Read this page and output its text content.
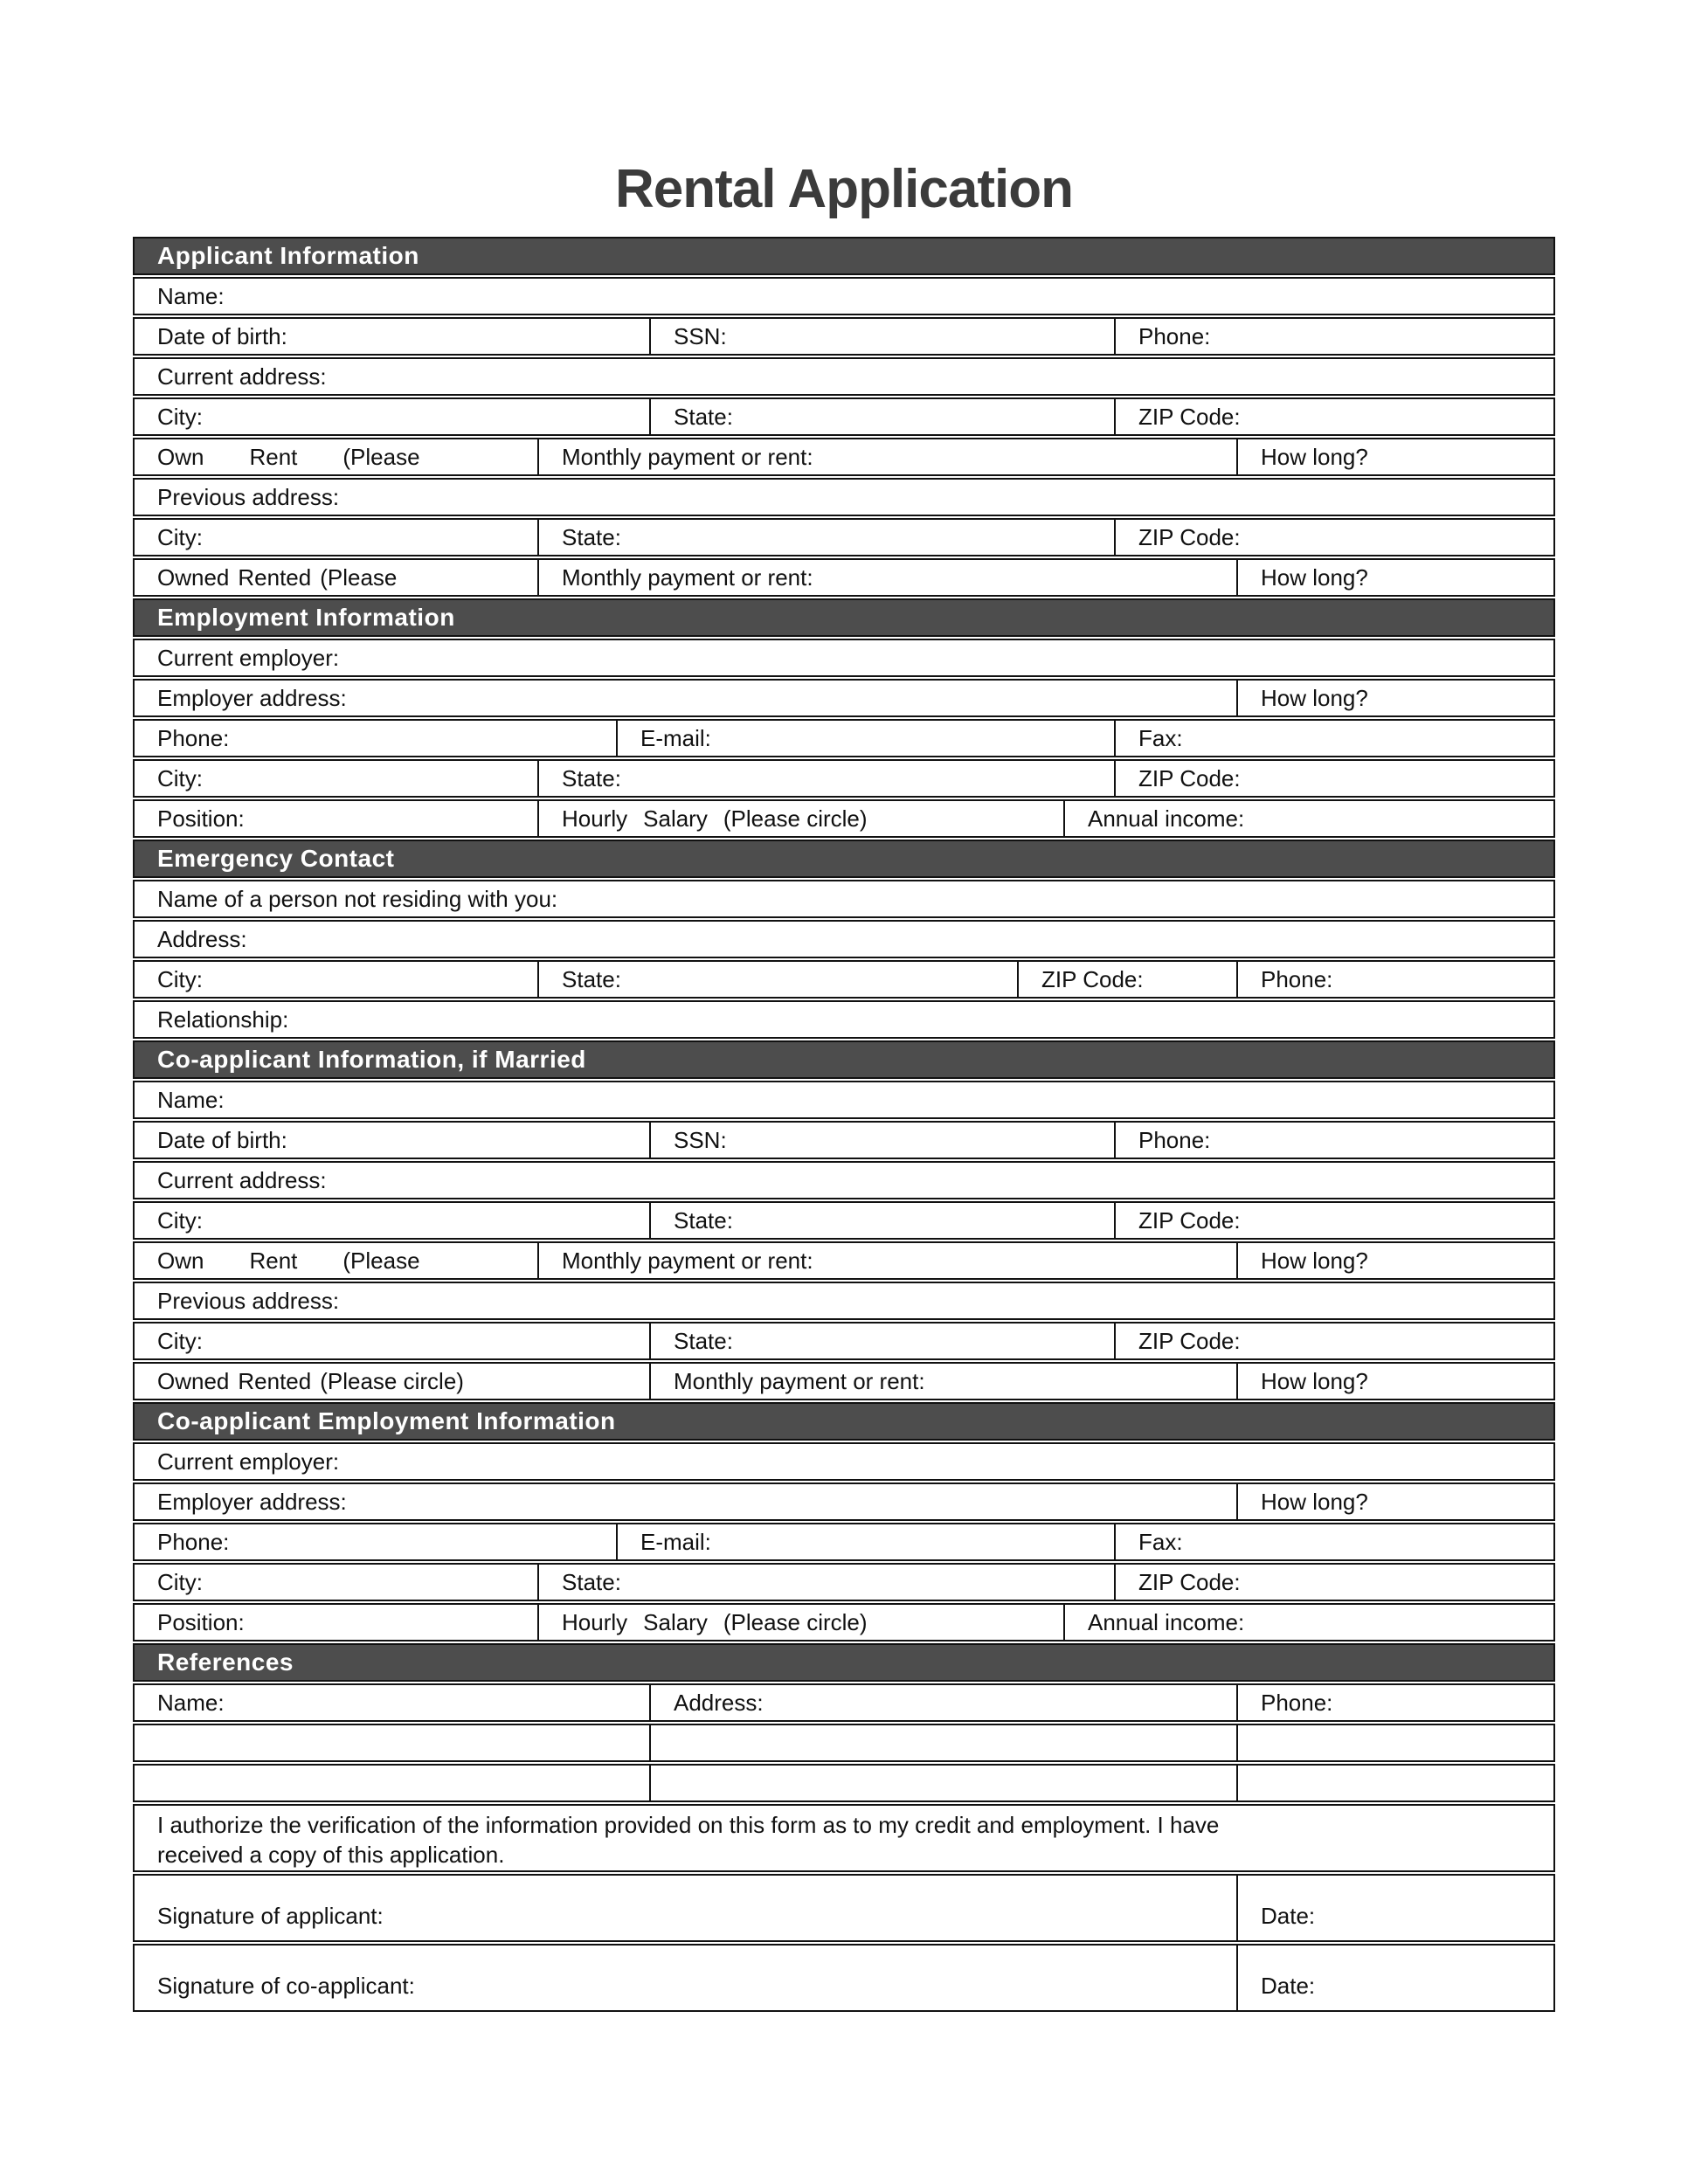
Rental Application
Applicant Information
Name:
Date of birth:	SSN:	Phone:
Current address:
City:	State:	ZIP Code:
Own Rent (Please	Monthly payment or rent:	How long?
Previous address:
City:	State:	ZIP Code:
Owned Rented (Please	Monthly payment or rent:	How long?
Employment Information
Current employer:
Employer address:	How long?
Phone:	E-mail:	Fax:
City:	State:	ZIP Code:
Position:	Hourly Salary (Please circle)	Annual income:
Emergency Contact
Name of a person not residing with you:
Address:
City:	State:	ZIP Code:	Phone:
Relationship:
Co-applicant Information, if Married
Name:
Date of birth:	SSN:	Phone:
Current address:
City:	State:	ZIP Code:
Own Rent (Please	Monthly payment or rent:	How long?
Previous address:
City:	State:	ZIP Code:
Owned Rented (Please circle)	Monthly payment or rent:	How long?
Co-applicant Employment Information
Current employer:
Employer address:	How long?
Phone:	E-mail:	Fax:
City:	State:	ZIP Code:
Position:	Hourly Salary (Please circle)	Annual income:
References
Name:	Address:	Phone:
I authorize the verification of the information provided on this form as to my credit and employment. I have
received a copy of this application.
Signature of applicant:	Date:
Signature of co-applicant:	Date:
